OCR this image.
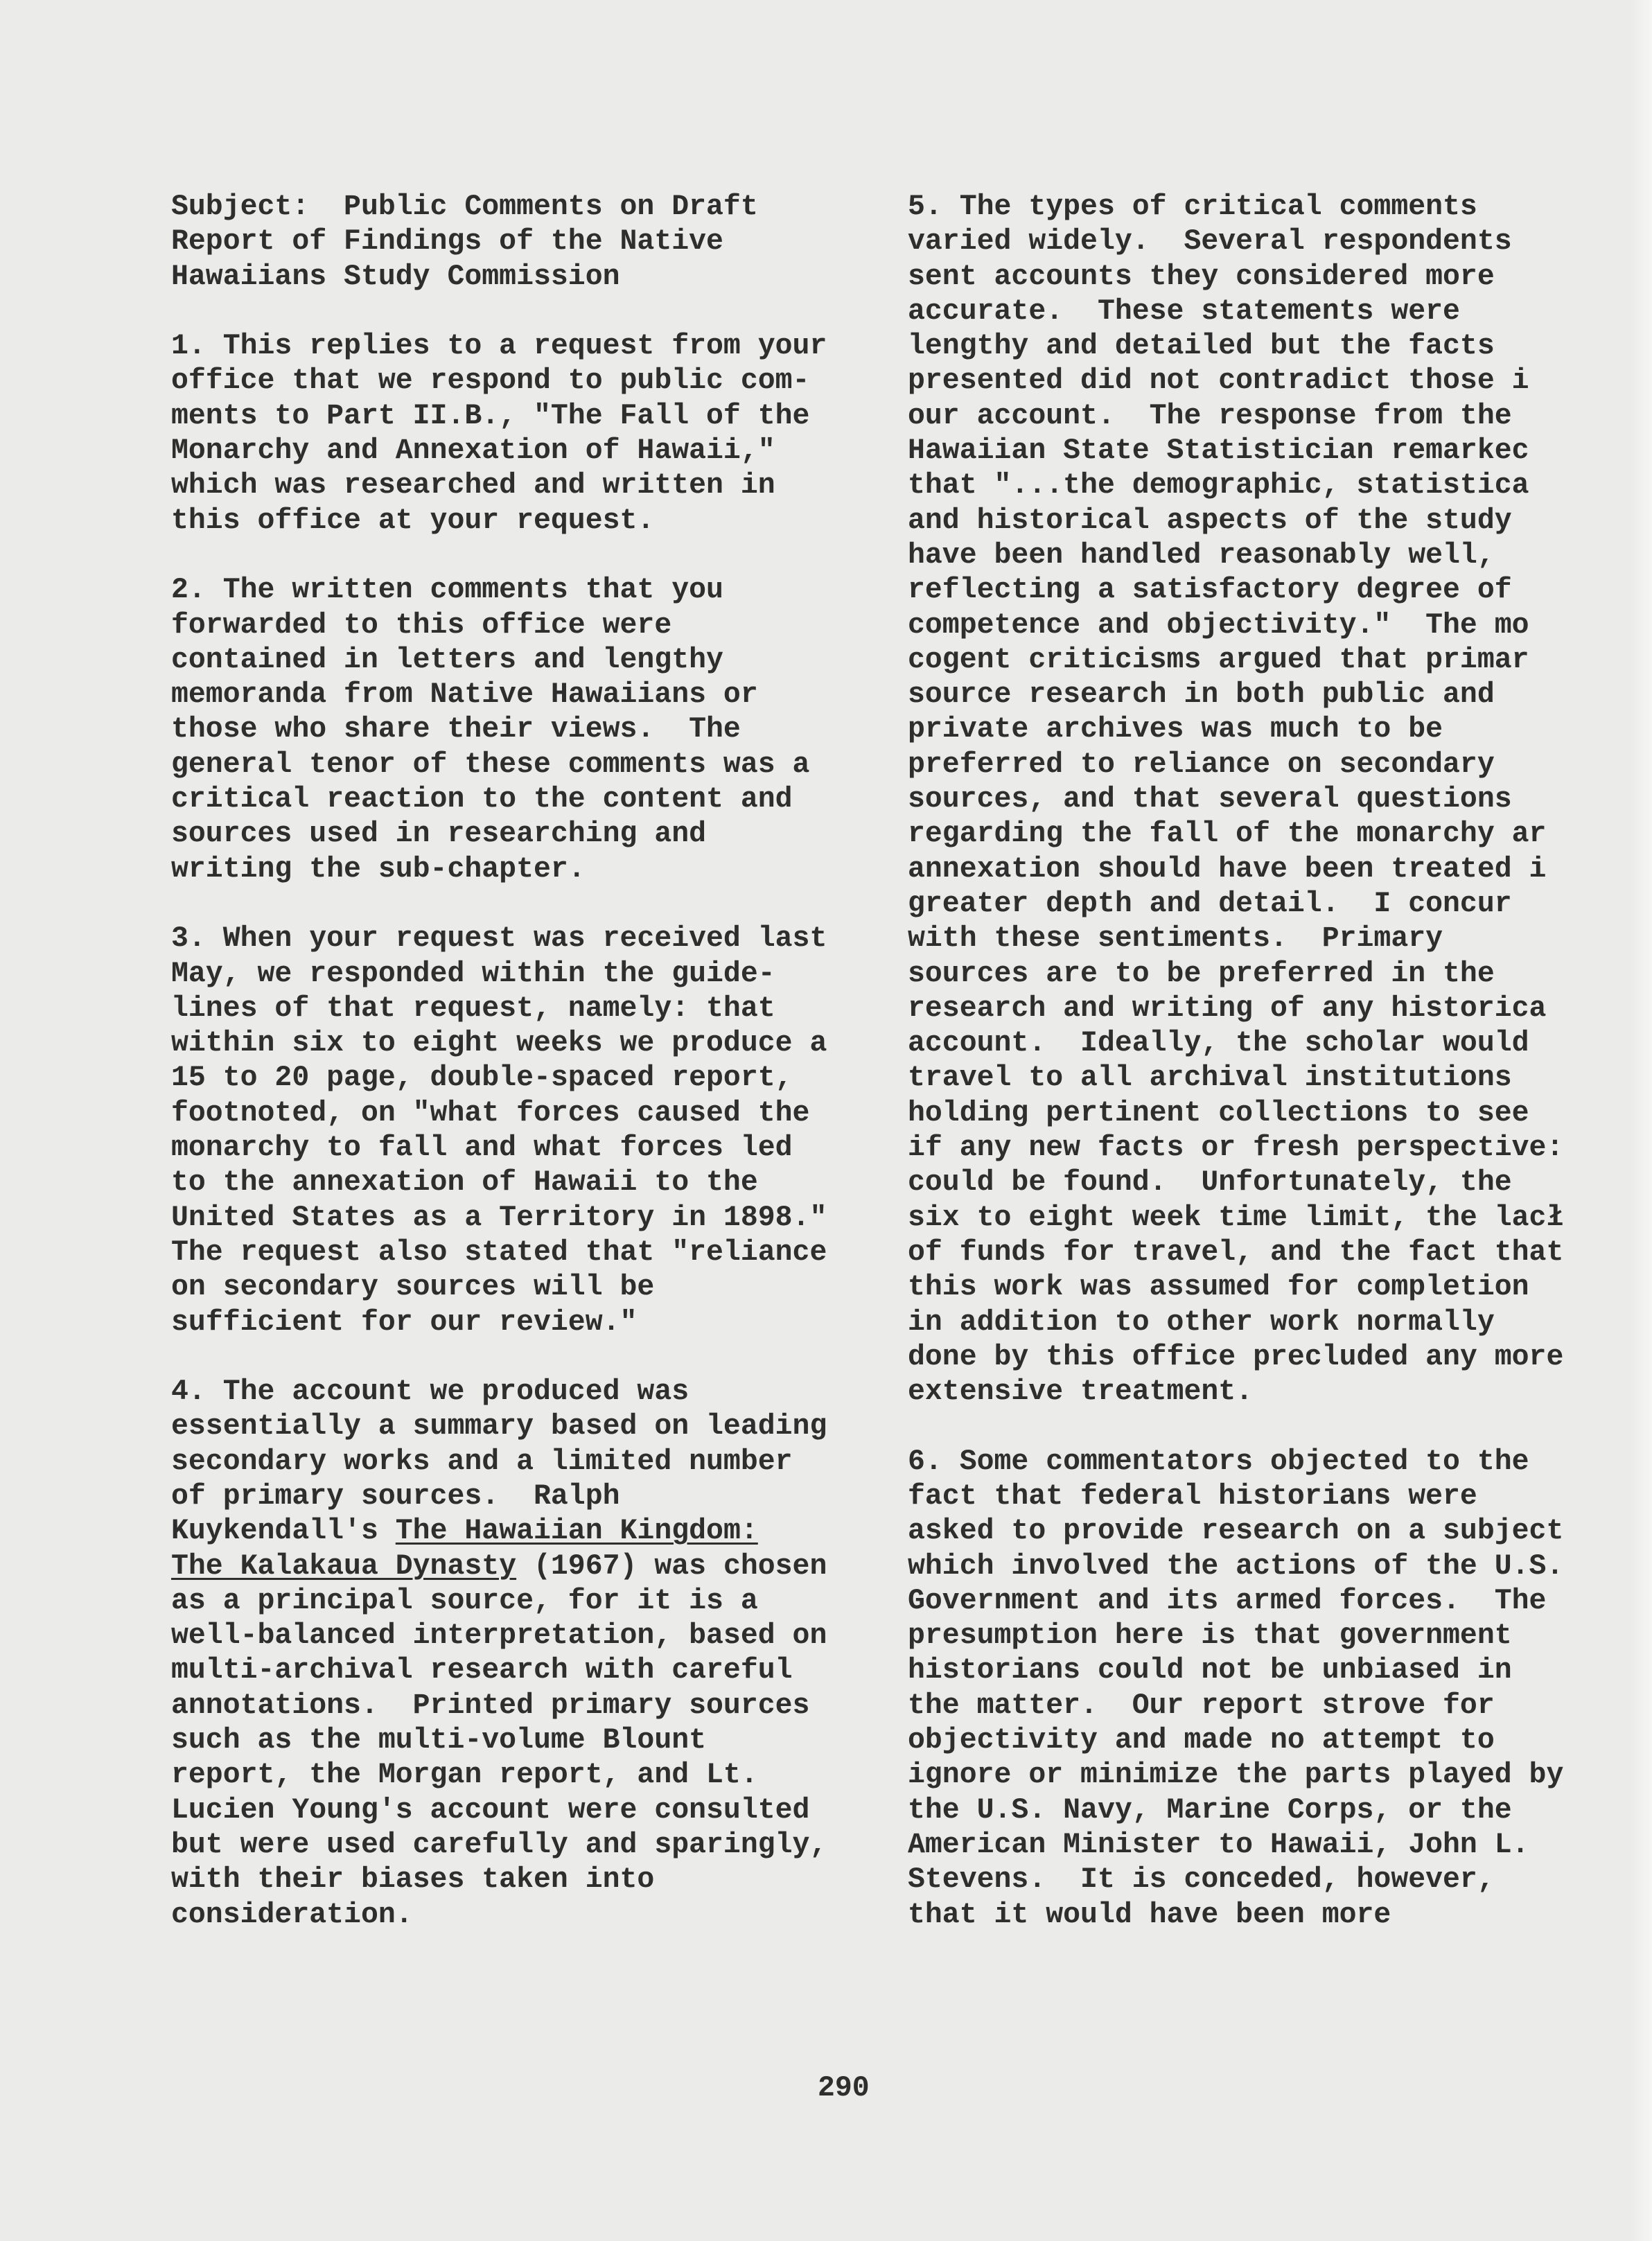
Subject:  Public Comments on Draft
Report of Findings of the Native
Hawaiians Study Commission
1. This replies to a request from your
office that we respond to public com-
ments to Part II.B., "The Fall of the
Monarchy and Annexation of Hawaii,"
which was researched and written in
this office at your request.
2. The written comments that you
forwarded to this office were
contained in letters and lengthy
memoranda from Native Hawaiians or
those who share their views.  The
general tenor of these comments was a
critical reaction to the content and
sources used in researching and
writing the sub-chapter.
3. When your request was received last
May, we responded within the guide-
lines of that request, namely: that
within six to eight weeks we produce a
15 to 20 page, double-spaced report,
footnoted, on "what forces caused the
monarchy to fall and what forces led
to the annexation of Hawaii to the
United States as a Territory in 1898."
The request also stated that "reliance
on secondary sources will be
sufficient for our review."
4. The account we produced was
essentially a summary based on leading
secondary works and a limited number
of primary sources.  Ralph
Kuykendall's The Hawaiian Kingdom:
The Kalakaua Dynasty (1967) was chosen
as a principal source, for it is a
well-balanced interpretation, based on
multi-archival research with careful
annotations.  Printed primary sources
such as the multi-volume Blount
report, the Morgan report, and Lt.
Lucien Young's account were consulted
but were used carefully and sparingly,
with their biases taken into
consideration.
5. The types of critical comments
varied widely.  Several respondents
sent accounts they considered more
accurate.  These statements were
lengthy and detailed but the facts
presented did not contradict those i
our account.  The response from the
Hawaiian State Statistician remarkec
that "...the demographic, statistica
and historical aspects of the study
have been handled reasonably well,
reflecting a satisfactory degree of
competence and objectivity."  The mo
cogent criticisms argued that primar
source research in both public and
private archives was much to be
preferred to reliance on secondary
sources, and that several questions
regarding the fall of the monarchy ar
annexation should have been treated i
greater depth and detail.  I concur
with these sentiments.  Primary
sources are to be preferred in the
research and writing of any historica
account.  Ideally, the scholar would
travel to all archival institutions
holding pertinent collections to see
if any new facts or fresh perspective:
could be found.  Unfortunately, the
six to eight week time limit, the lacł
of funds for travel, and the fact that
this work was assumed for completion
in addition to other work normally
done by this office precluded any more
extensive treatment.
6. Some commentators objected to the
fact that federal historians were
asked to provide research on a subject
which involved the actions of the U.S.
Government and its armed forces.  The
presumption here is that government
historians could not be unbiased in
the matter.  Our report strove for
objectivity and made no attempt to
ignore or minimize the parts played by
the U.S. Navy, Marine Corps, or the
American Minister to Hawaii, John L.
Stevens.  It is conceded, however,
that it would have been more
290
